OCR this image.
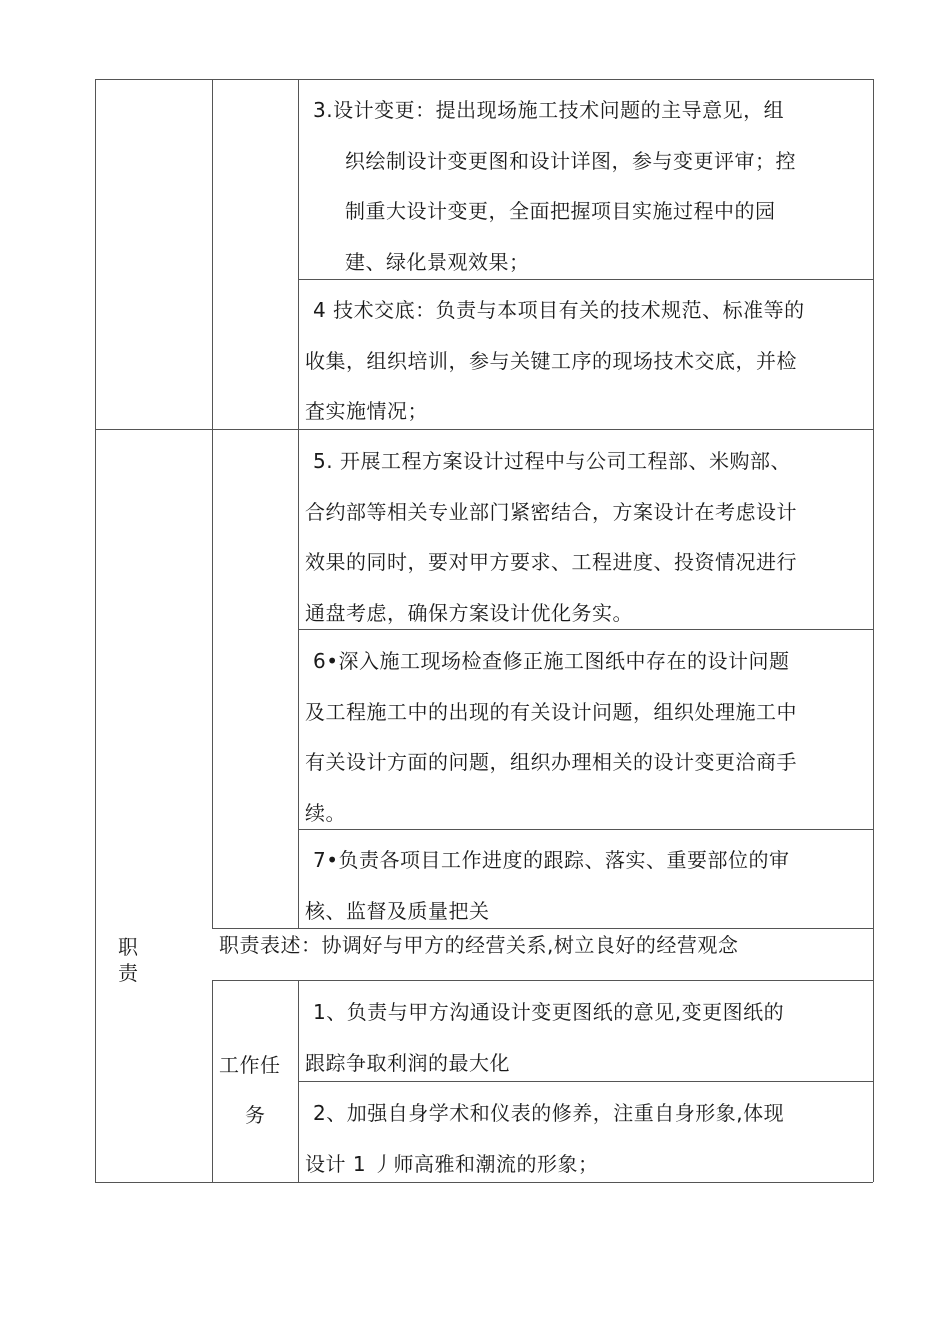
3.设计变更：提出现场施工技术问题的主导意见，组

织绘制设计变更图和设计详图，参与变更评审；控

制重大设计变更，全面把握项目实施过程中的园

建、绿化景观效果；

4 技术交底：负责与本项目有关的技术规范、标准等的

收集，组织培训，参与关键工序的现场技术交底，并检

査实施情况；

5. 开展工程方案设计过程中与公司工程部、米购部、

合约部等相关专业部门紧密结合，方案设计在考虑设计

效果的同时，要对甲方要求、工程进度、投资情况进行

通盘考虑，确保方案设计优化务实。

6•深入施工现场检查修正施工图纸中存在的设计问题

及工程施工中的出现的有关设计问题，组织处理施工中

有关设计方面的问题，组织办理相关的设计变更洽商手

续。

7•负责各项目工作进度的跟踪、落实、重要部位的审

核、监督及质量把关

职

责

职责表述：协调好与甲方的经营关系,树立良好的经营观念

工作任

务

1、负责与甲方沟通设计变更图纸的意见,变更图纸的

跟踪争取利润的最大化

2、加强自身学术和仪表的修养，注重自身形象,体现

设计 1 丿师高雅和潮流的形象；
